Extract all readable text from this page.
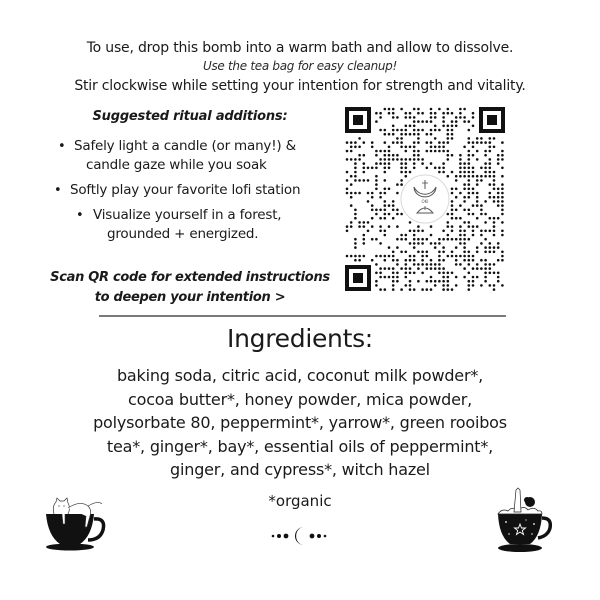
To use, drop this bomb into a warm bath and allow to dissolve.
Use the tea bag for easy cleanup!
Stir clockwise while setting your intention for strength and vitality.
Suggested ritual additions:
• Safely light a candle (or many!) &
candle gaze while you soak
• Softly play your favorite lofi station
• Visualize yourself in a forest,
grounded + energized.
Scan QR code for extended instructions
to deepen your intention >
OKI
Ingredients:
baking soda, citric acid, coconut milk powder*,
cocoa butter*, honey powder, mica powder,
polysorbate 80, peppermint*, yarrow*, green rooibos
tea*, ginger*, bay*, essential oils of peppermint*,
ginger, and cypress*, witch hazel
*organic
